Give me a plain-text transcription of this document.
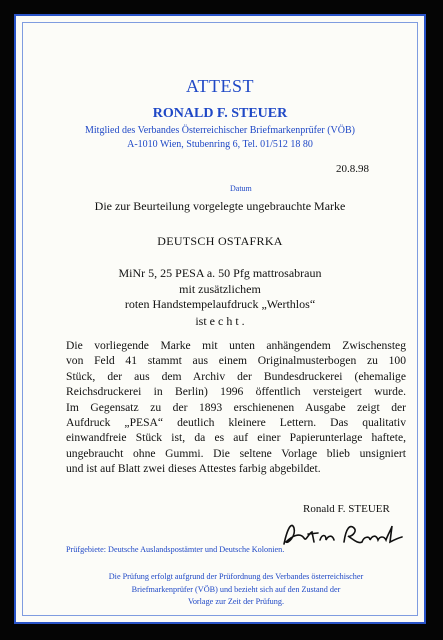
ATTEST
RONALD F. STEUER
Mitglied des Verbandes Österreichischer Briefmarkenprüfer (VÖB)
A-1010 Wien, Stubenring 6, Tel. 01/512 18 80
20.8.98
Datum
Die zur Beurteilung vorgelegte ungebrauchte Marke
DEUTSCH OSTAFRKA
MiNr 5, 25 PESA a. 50 Pfg mattrosabraun
mit zusätzlichem
roten Handstempelaufdruck „Werthlos“
ist e c h t .
Die vorliegende Marke mit unten anhängendem Zwischensteg
von Feld 41 stammt aus einem Originalmusterbogen zu 100
Stück, der aus dem Archiv der Bundesdruckerei (ehemalige
Reichsdruckerei in Berlin) 1996 öffentlich versteigert wurde.
Im Gegensatz zu der 1893 erschienenen Ausgabe zeigt der
Aufdruck „PESA“ deutlich kleinere Lettern. Das qualitativ
einwandfreie Stück ist, da es auf einer Papierunterlage haftete,
ungebraucht ohne Gummi. Die seltene Vorlage blieb unsigniert
und ist auf Blatt zwei dieses Attestes farbig abgebildet.
Ronald F. STEUER
Prüfgebiete: Deutsche Auslandspostämter und Deutsche Kolonien.
Die Prüfung erfolgt aufgrund der Prüfordnung des Verbandes österreichischer
Briefmarkenprüfer (VÖB) und bezieht sich auf den Zustand der
Vorlage zur Zeit der Prüfung.
